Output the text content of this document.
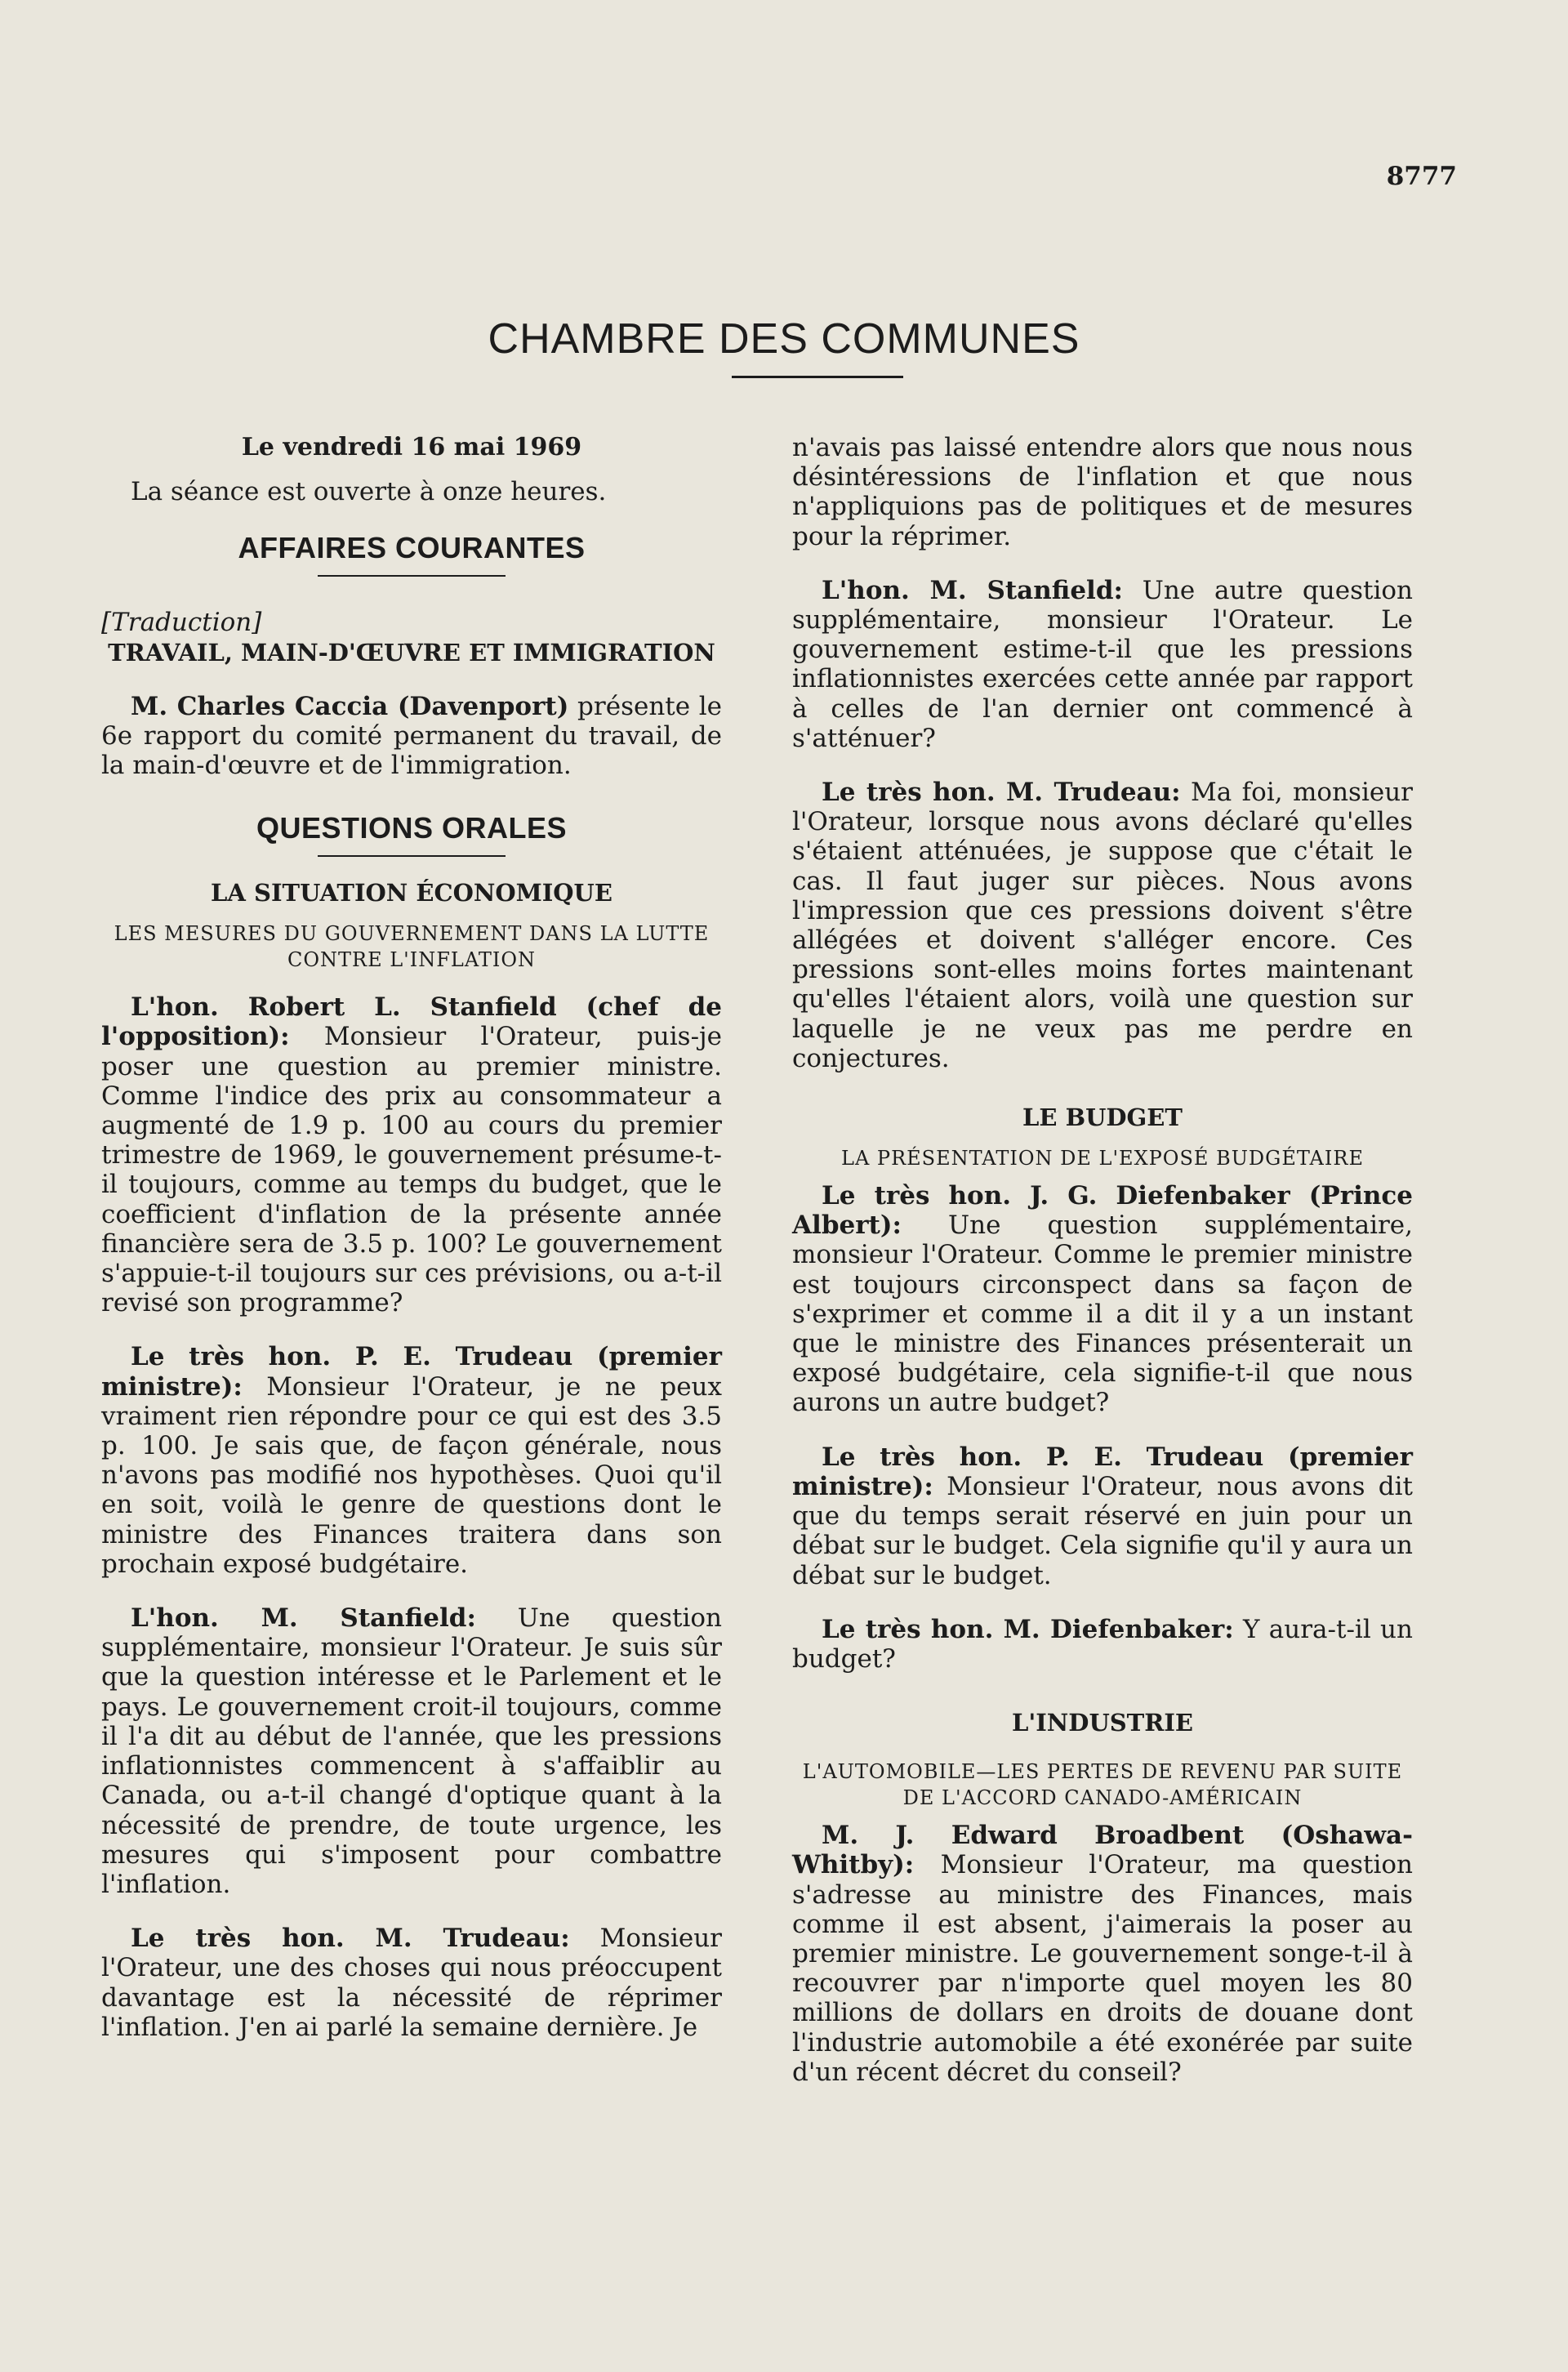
8777
CHAMBRE DES COMMUNES

Le vendredi 16 mai 1969

La séance est ouverte à onze heures.

AFFAIRES COURANTES

[Traduction]

TRAVAIL, MAIN-D'ŒUVRE ET IMMIGRATION

M. Charles Caccia (Davenport) présente le 6e rapport du comité permanent du travail, de la main-d'œuvre et de l'immigration.

QUESTIONS ORALES
LA SITUATION ÉCONOMIQUE
LES MESURES DU GOUVERNEMENT DANS LA LUTTE CONTRE L'INFLATION

L'hon. Robert L. Stanfield (chef de l'opposition): Monsieur l'Orateur, puis-je poser une question au premier ministre. Comme l'indice des prix au consommateur a augmenté de 1.9 p. 100 au cours du premier trimestre de 1969, le gouvernement présume-t-il toujours, comme au temps du budget, que le coefficient d'inflation de la présente année financière sera de 3.5 p. 100? Le gouvernement s'appuie-t-il toujours sur ces prévisions, ou a-t-il revisé son programme?

Le très hon. P. E. Trudeau (premier ministre): Monsieur l'Orateur, je ne peux vraiment rien répondre pour ce qui est des 3.5 p. 100. Je sais que, de façon générale, nous n'avons pas modifié nos hypothèses. Quoi qu'il en soit, voilà le genre de questions dont le ministre des Finances traitera dans son prochain exposé budgétaire.

L'hon. M. Stanfield: Une question supplémentaire, monsieur l'Orateur. Je suis sûr que la question intéresse et le Parlement et le pays. Le gouvernement croit-il toujours, comme il l'a dit au début de l'année, que les pressions inflationnistes commencent à s'affaiblir au Canada, ou a-t-il changé d'optique quant à la nécessité de prendre, de toute urgence, les mesures qui s'imposent pour combattre l'inflation.

Le très hon. M. Trudeau: Monsieur l'Orateur, une des choses qui nous préoccupent davantage est la nécessité de réprimer l'inflation. J'en ai parlé la semaine dernière. Je

n'avais pas laissé entendre alors que nous nous désintéressions de l'inflation et que nous n'appliquions pas de politiques et de mesures pour la réprimer.

L'hon. M. Stanfield: Une autre question supplémentaire, monsieur l'Orateur. Le gouvernement estime-t-il que les pressions inflationnistes exercées cette année par rapport à celles de l'an dernier ont commencé à s'atténuer?

Le très hon. M. Trudeau: Ma foi, monsieur l'Orateur, lorsque nous avons déclaré qu'elles s'étaient atténuées, je suppose que c'était le cas. Il faut juger sur pièces. Nous avons l'impression que ces pressions doivent s'être allégées et doivent s'alléger encore. Ces pressions sont-elles moins fortes maintenant qu'elles l'étaient alors, voilà une question sur laquelle je ne veux pas me perdre en conjectures.

LE BUDGET
LA PRÉSENTATION DE L'EXPOSÉ BUDGÉTAIRE

Le très hon. J. G. Diefenbaker (Prince Albert): Une question supplémentaire, monsieur l'Orateur. Comme le premier ministre est toujours circonspect dans sa façon de s'exprimer et comme il a dit il y a un instant que le ministre des Finances présenterait un exposé budgétaire, cela signifie-t-il que nous aurons un autre budget?

Le très hon. P. E. Trudeau (premier ministre): Monsieur l'Orateur, nous avons dit que du temps serait réservé en juin pour un débat sur le budget. Cela signifie qu'il y aura un débat sur le budget.

Le très hon. M. Diefenbaker: Y aura-t-il un budget?

L'INDUSTRIE
L'AUTOMOBILE—LES PERTES DE REVENU PAR SUITE DE L'ACCORD CANADO-AMÉRICAIN

M. J. Edward Broadbent (Oshawa-Whitby): Monsieur l'Orateur, ma question s'adresse au ministre des Finances, mais comme il est absent, j'aimerais la poser au premier ministre. Le gouvernement songe-t-il à recouvrer par n'importe quel moyen les 80 millions de dollars en droits de douane dont l'industrie automobile a été exonérée par suite d'un récent décret du conseil?
